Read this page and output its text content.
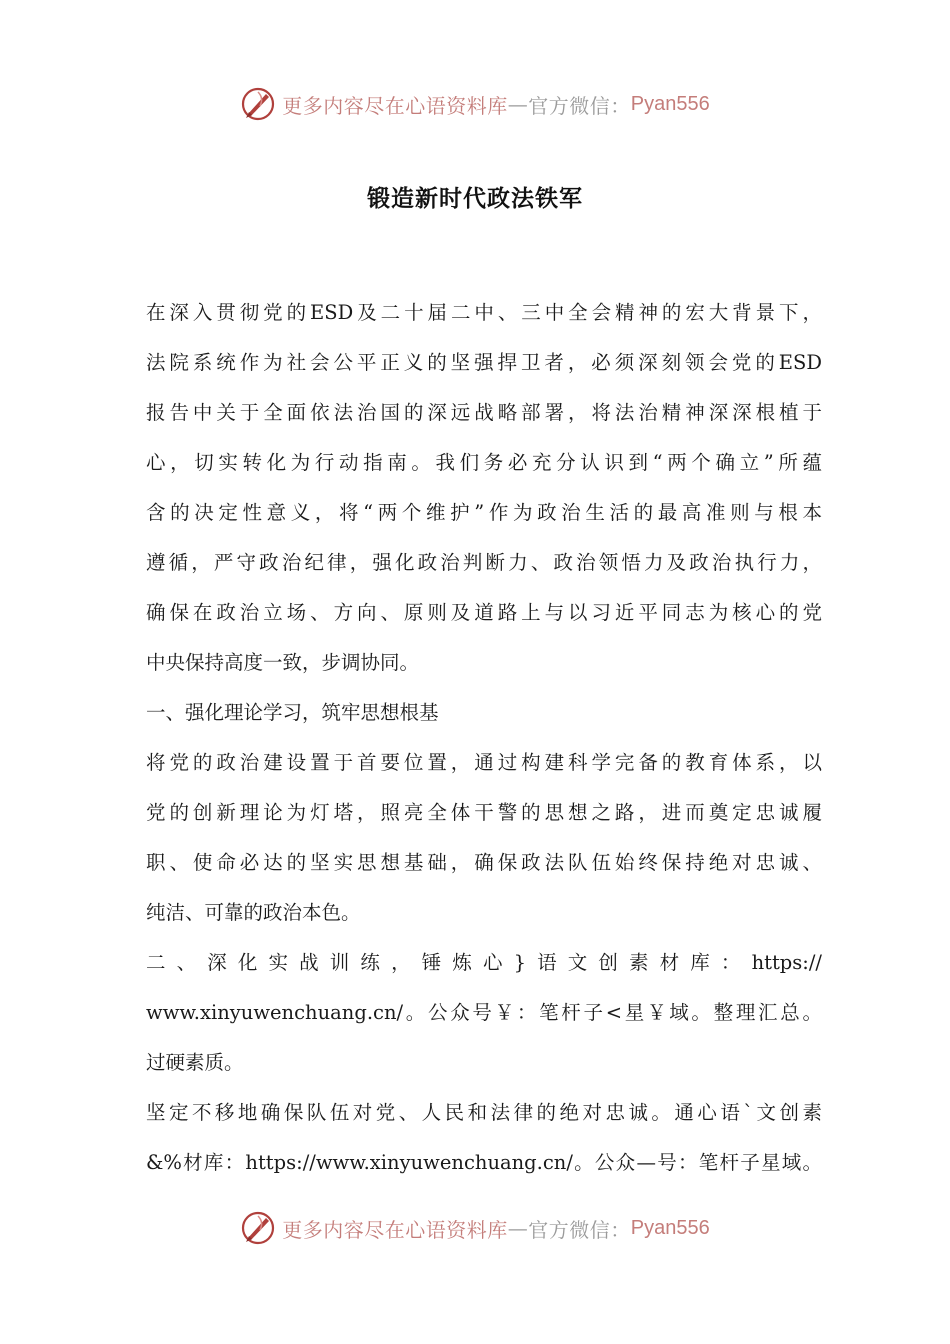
更多内容尽在心语资料库 — 官方微信： Pyan556
锻造新时代政法铁军
在深入贯彻党的ESD及二十届二中、三中全会精神的宏大背景下，
法院系统作为社会公平正义的坚强捍卫者，必须深刻领会党的ESD
报告中关于全面依法治国的深远战略部署，将法治精神深深根植于
心，切实转化为行动指南。我们务必充分认识到“两个确立”所蕴
含的决定性意义，将“两个维护”作为政治生活的最高准则与根本
遵循，严守政治纪律，强化政治判断力、政治领悟力及政治执行力，
确保在政治立场、方向、原则及道路上与以习近平同志为核心的党
中央保持高度一致，步调协同。
一、强化理论学习，筑牢思想根基
将党的政治建设置于首要位置，通过构建科学完备的教育体系，以
党的创新理论为灯塔，照亮全体干警的思想之路，进而奠定忠诚履
职、使命必达的坚实思想基础，确保政法队伍始终保持绝对忠诚、
纯洁、可靠的政治本色。
二、深化实战训练，锤炼心}语文创素材库：https://
www.xinyuwenchuang.cn/。公众号￥：笔杆子<星￥域。整理汇总。
过硬素质。
坚定不移地确保队伍对党、人民和法律的绝对忠诚。通心语`文创素
&%材库：https://www.xinyuwenchuang.cn/。公众—号：笔杆子星域。
更多内容尽在心语资料库 — 官方微信： Pyan556
